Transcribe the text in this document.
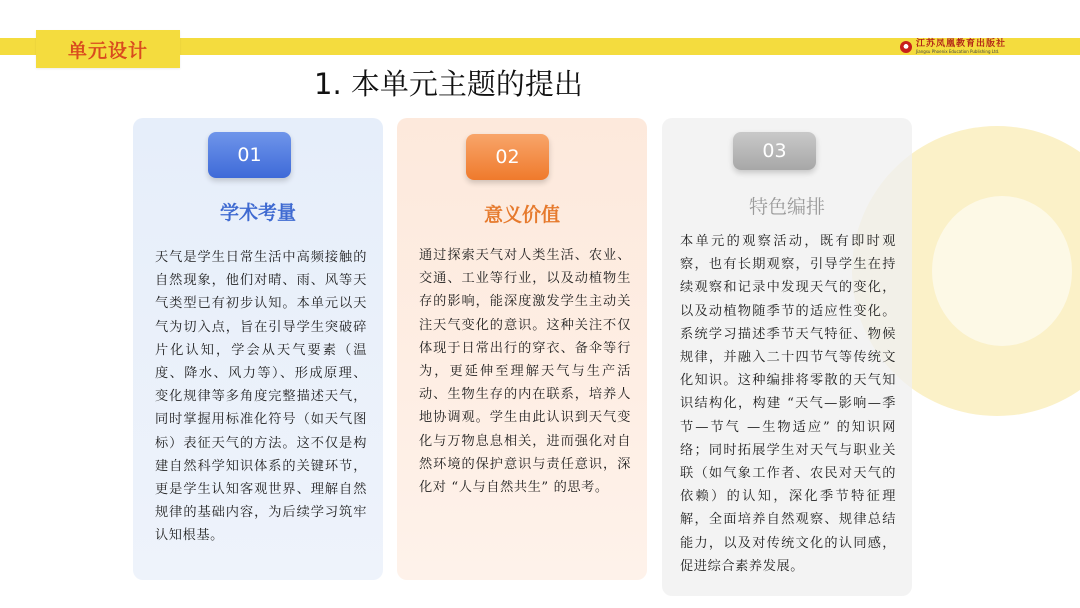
单元设计	江苏凤凰教育出版社
Jiangsu Phoenix Education Publishing Ltd.
1. 本单元主题的提出
01
学术考量

天气是学生日常生活中高频接触的自然现象，他们对晴、雨、风等天气类型已有初步认知。本单元以天气为切入点，旨在引导学生突破碎片化认知，学会从天气要素（温度、降水、风力等）、形成原理、变化规律等多角度完整描述天气，同时掌握用标准化符号（如天气图标）表征天气的方法。这不仅是构建自然科学知识体系的关键环节，更是学生认知客观世界、理解自然规律的基础内容，为后续学习筑牢认知根基。

02
意义价值

通过探索天气对人类生活、农业、交通、工业等行业，以及动植物生存的影响，能深度激发学生主动关注天气变化的意识。这种关注不仅体现于日常出行的穿衣、备伞等行为，更延伸至理解天气与生产活动、生物生存的内在联系，培养人地协调观。学生由此认识到天气变化与万物息息相关，进而强化对自然环境的保护意识与责任意识，深化对 “人与自然共生” 的思考。

03
特色编排

本单元的观察活动，既有即时观察，也有长期观察，引导学生在持续观察和记录中发现天气的变化，以及动植物随季节的适应性变化。系统学习描述季节天气特征、物候规律，并融入二十四节气等传统文化知识。这种编排将零散的天气知识结构化，构建 “天气—影响—季节—节气 —生物适应” 的知识网络；同时拓展学生对天气与职业关联（如气象工作者、农民对天气的依赖）的认知，深化季节特征理解，全面培养自然观察、规律总结能力，以及对传统文化的认同感，促进综合素养发展。
